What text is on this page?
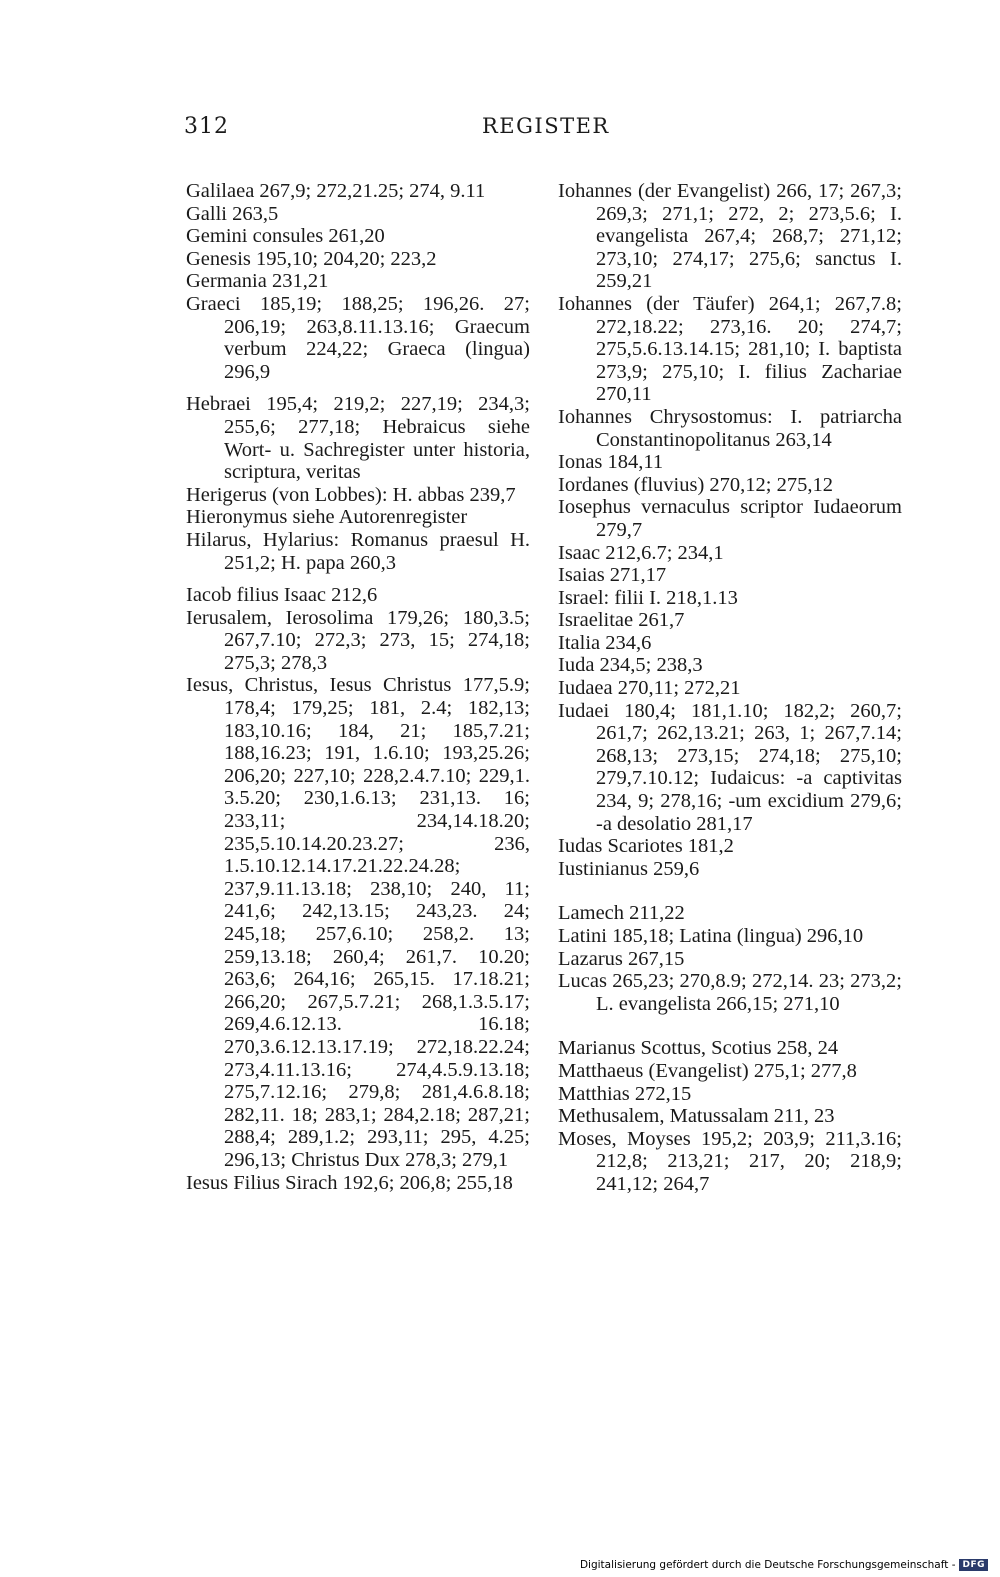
312	REGISTER

Galilaea 267,9; 272,21.25; 274, 9.11

Galli 263,5

Gemini consules 261,20

Genesis 195,10; 204,20; 223,2

Germania 231,21

Graeci 185,19; 188,25; 196,26. 27; 206,19; 263,8.11.13.16; Graecum verbum 224,22; Graeca (lingua) 296,9

Hebraei 195,4; 219,2; 227,19; 234,3; 255,6; 277,18; Hebraicus siehe Wort- u. Sachregister unter historia, scriptura, veritas

Herigerus (von Lobbes): H. abbas 239,7

Hieronymus siehe Autorenregister

Hilarus, Hylarius: Romanus praesul H. 251,2; H. papa 260,3

Iacob filius Isaac 212,6

Ierusalem, Ierosolima 179,26; 180,3.5; 267,7.10; 272,3; 273, 15; 274,18; 275,3; 278,3

Iesus, Christus, Iesus Christus 177,5.9; 178,4; 179,25; 181, 2.4; 182,13; 183,10.16; 184, 21; 185,7.21; 188,16.23; 191, 1.6.10; 193,25.26; 206,20; 227,10; 228,2.4.7.10; 229,1. 3.5.20; 230,1.6.13; 231,13. 16; 233,11; 234,14.18.20; 235,5.10.14.20.23.27; 236, 1.5.10.12.14.17.21.22.24.28; 237,9.11.13.18; 238,10; 240, 11; 241,6; 242,13.15; 243,23. 24; 245,18; 257,6.10; 258,2. 13; 259,13.18; 260,4; 261,7. 10.20; 263,6; 264,16; 265,15. 17.18.21; 266,20; 267,5.7.21; 268,1.3.5.17; 269,4.6.12.13. 16.18; 270,3.6.12.13.17.19; 272,18.22.24; 273,4.11.13.16; 274,4.5.9.13.18; 275,7.12.16; 279,8; 281,4.6.8.18; 282,11. 18; 283,1; 284,2.18; 287,21; 288,4; 289,1.2; 293,11; 295, 4.25; 296,13; Christus Dux 278,3; 279,1

Iesus Filius Sirach 192,6; 206,8; 255,18

Iohannes (der Evangelist) 266, 17; 267,3; 269,3; 271,1; 272, 2; 273,5.6; I. evangelista 267,4; 268,7; 271,12; 273,10; 274,17; 275,6; sanctus I. 259,21

Iohannes (der Täufer) 264,1; 267,7.8; 272,18.22; 273,16. 20; 274,7; 275,5.6.13.14.15; 281,10; I. baptista 273,9; 275,10; I. filius Zachariae 270,11

Iohannes Chrysostomus: I. patriarcha Constantinopolitanus 263,14

Ionas 184,11

Iordanes (fluvius) 270,12; 275,12

Iosephus vernaculus scriptor Iudaeorum 279,7

Isaac 212,6.7; 234,1

Isaias 271,17

Israel: filii I. 218,1.13

Israelitae 261,7

Italia 234,6

Iuda 234,5; 238,3

Iudaea 270,11; 272,21

Iudaei 180,4; 181,1.10; 182,2; 260,7; 261,7; 262,13.21; 263, 1; 267,7.14; 268,13; 273,15; 274,18; 275,10; 279,7.10.12; Iudaicus: -a captivitas 234, 9; 278,16; -um excidium 279,6; -a desolatio 281,17

Iudas Scariotes 181,2

Iustinianus 259,6

Lamech 211,22

Latini 185,18; Latina (lingua) 296,10

Lazarus 267,15

Lucas 265,23; 270,8.9; 272,14. 23; 273,2; L. evangelista 266,15; 271,10

Marianus Scottus, Scotius 258, 24

Matthaeus (Evangelist) 275,1; 277,8

Matthias 272,15

Methusalem, Matussalam 211, 23

Moses, Moyses 195,2; 203,9; 211,3.16; 212,8; 213,21; 217, 20; 218,9; 241,12; 264,7

Digitalisierung gefördert durch die Deutsche Forschungsgemeinschaft - DFG
